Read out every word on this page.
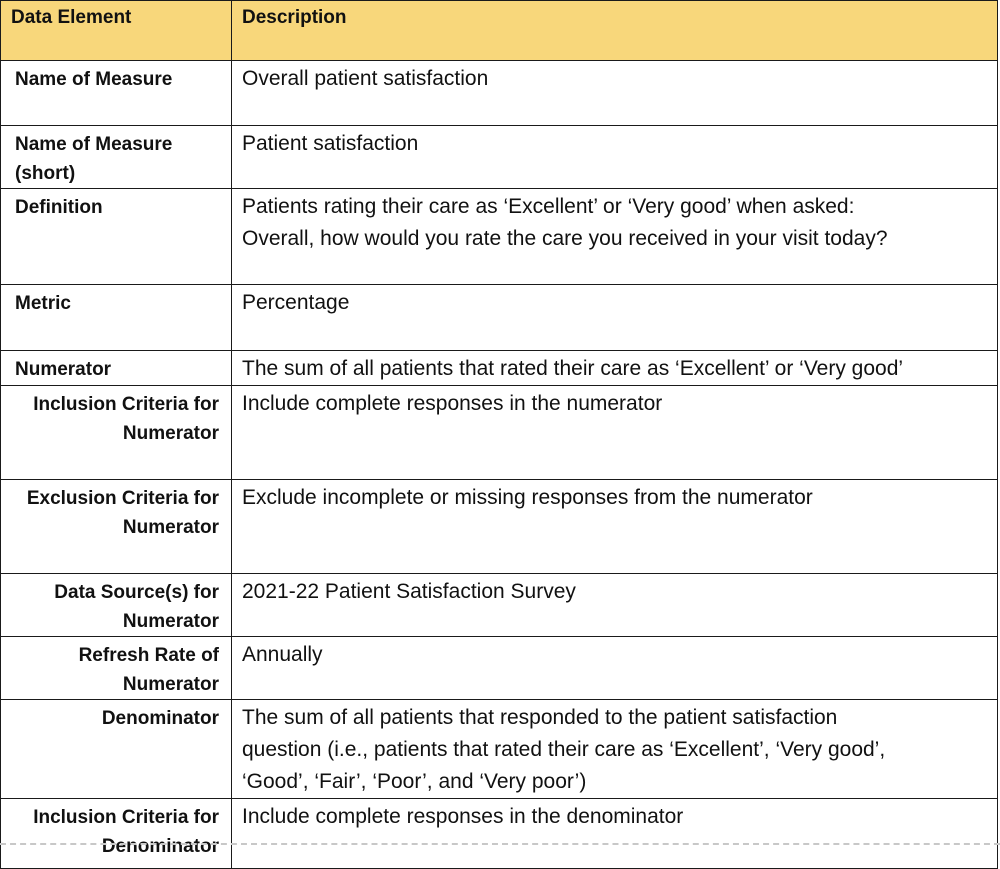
Data Element	Description

Name of Measure	Overall patient satisfaction

Name of Measure
(short)	Patient satisfaction

Definition	Patients rating their care as ‘Excellent’ or ‘Very good’ when asked:
Overall, how would you rate the care you received in your visit today?

Metric	Percentage

Numerator	The sum of all patients that rated their care as ‘Excellent’ or ‘Very good’

Inclusion Criteria for
Numerator	Include complete responses in the numerator

Exclusion Criteria for
Numerator	Exclude incomplete or missing responses from the numerator

Data Source(s) for
Numerator	2021-22 Patient Satisfaction Survey

Refresh Rate of
Numerator	Annually

Denominator	The sum of all patients that responded to the patient satisfaction
question (i.e., patients that rated their care as ‘Excellent’, ‘Very good’,
‘Good’, ‘Fair’, ‘Poor’, and ‘Very poor’)

Inclusion Criteria for
Denominator	Include complete responses in the denominator
